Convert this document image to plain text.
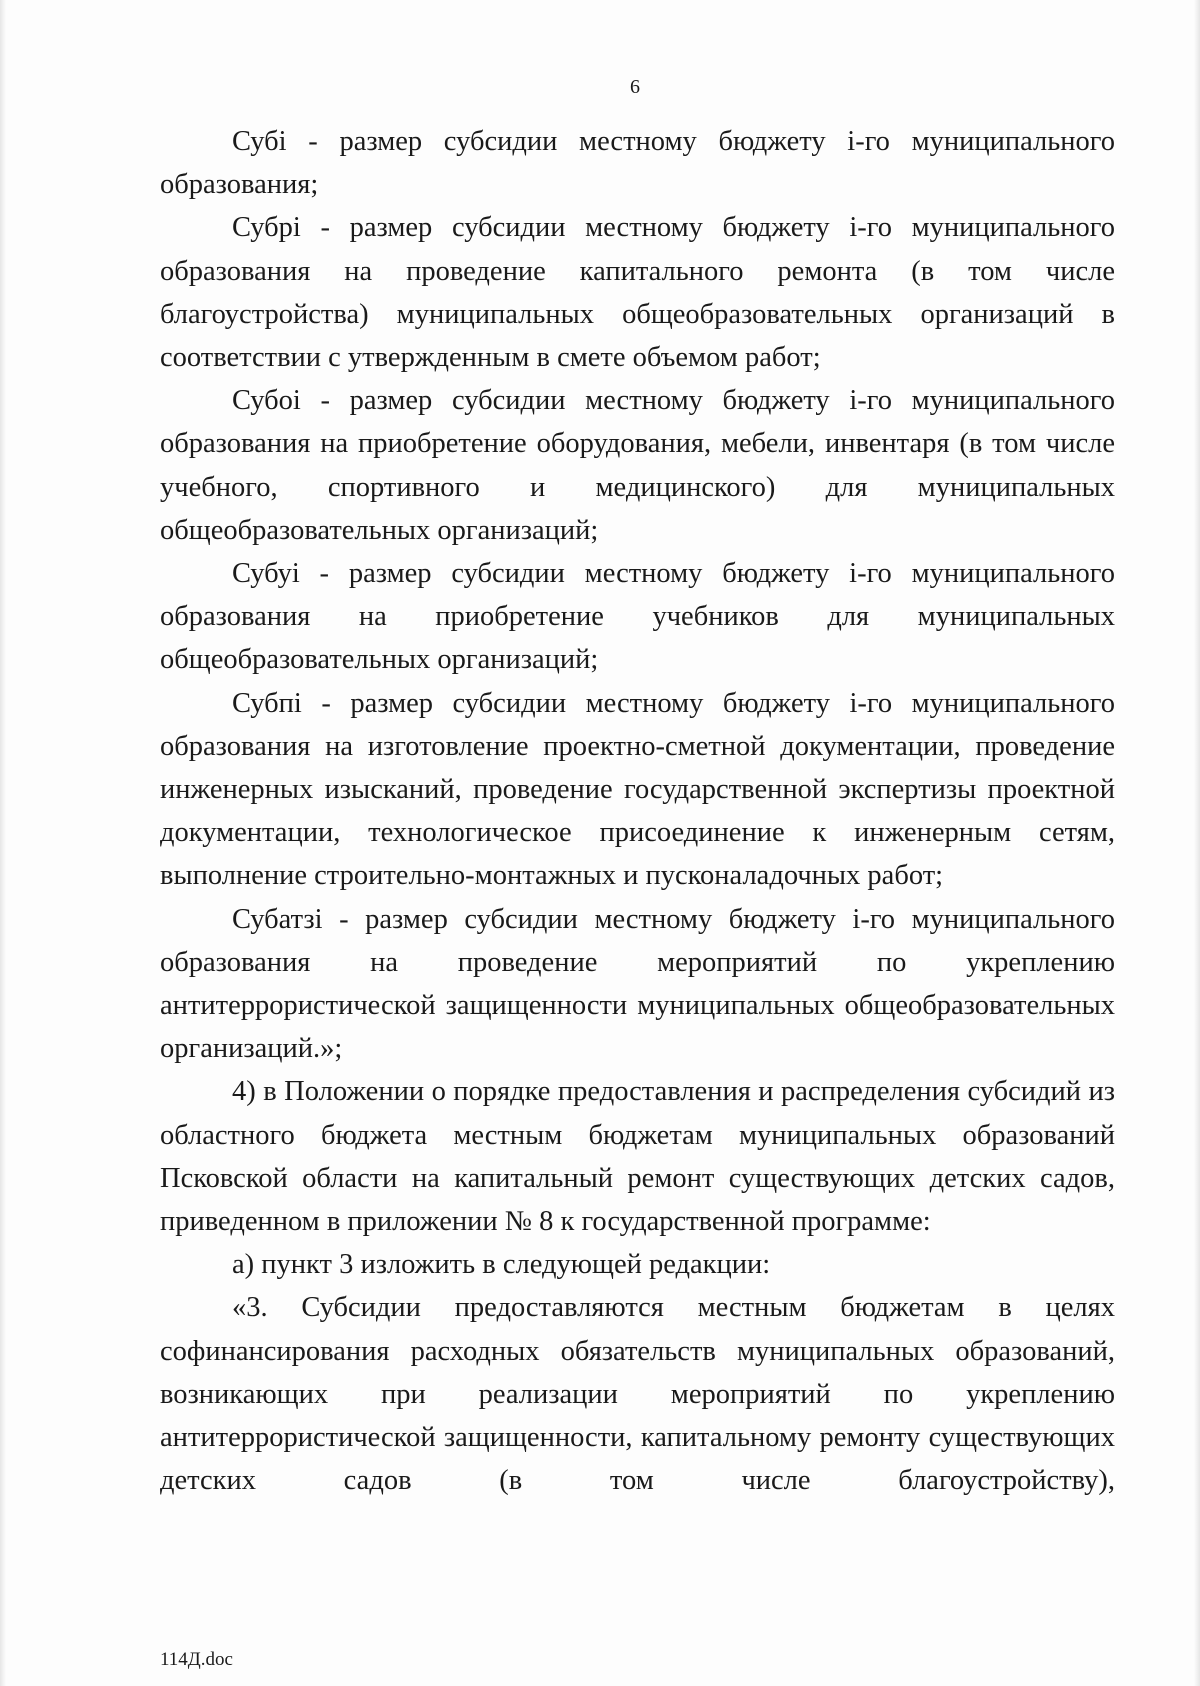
6

Субi - размер субсидии местному бюджету i-го муниципального образования;

Субрi - размер субсидии местному бюджету i-го муниципального образования на проведение капитального ремонта (в том числе благоустройства) муниципальных общеобразовательных организаций в соответствии с утвержденным в смете объемом работ;

Субоi - размер субсидии местному бюджету i-го муниципального образования на приобретение оборудования, мебели, инвентаря (в том числе учебного, спортивного и медицинского) для муниципальных общеобразовательных организаций;

Субуi - размер субсидии местному бюджету i-го муниципального образования на приобретение учебников для муниципальных общеобразовательных организаций;

Субпi - размер субсидии местному бюджету i-го муниципального образования на изготовление проектно-сметной документации, проведение инженерных изысканий, проведение государственной экспертизы проектной документации, технологическое присоединение к инженерным сетям, выполнение строительно-монтажных и пусконаладочных работ;

Субатзi - размер субсидии местному бюджету i-го муниципального образования на проведение мероприятий по укреплению антитеррористической защищенности муниципальных общеобразовательных организаций.»;

4) в Положении о порядке предоставления и распределения субсидий из областного бюджета местным бюджетам муниципальных образований Псковской области на капитальный ремонт существующих детских садов, приведенном в приложении № 8 к государственной программе:

а) пункт 3 изложить в следующей редакции:

«3. Субсидии предоставляются местным бюджетам в целях софинансирования расходных обязательств муниципальных образований, возникающих при реализации мероприятий по укреплению антитеррористической защищенности, капитальному ремонту существующих детских садов (в том числе благоустройству),

114Д.doc
